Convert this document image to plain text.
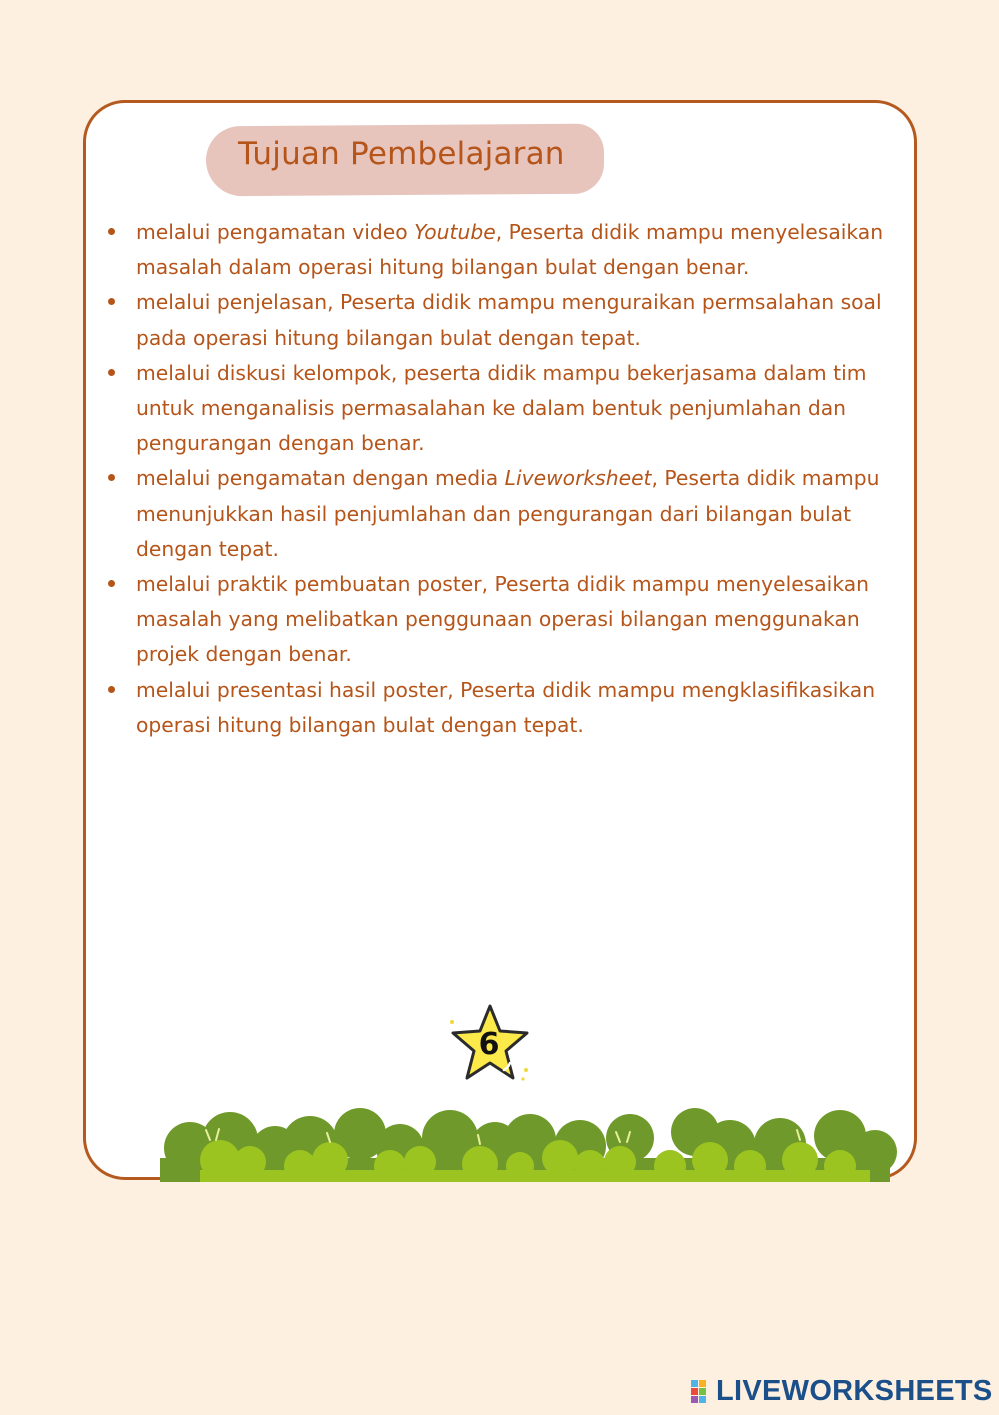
Tujuan Pembelajaran
melalui pengamatan video Youtube, Peserta didik mampu menyelesaikan masalah dalam operasi hitung bilangan bulat dengan benar.
melalui penjelasan, Peserta didik mampu menguraikan permsalahan soal pada operasi hitung bilangan bulat dengan tepat.
melalui diskusi kelompok, peserta didik mampu bekerjasama dalam tim untuk menganalisis permasalahan ke dalam bentuk penjumlahan dan pengurangan dengan benar.
melalui pengamatan dengan media Liveworksheet, Peserta didik mampu menunjukkan hasil penjumlahan dan pengurangan dari bilangan bulat dengan tepat.
melalui praktik pembuatan poster, Peserta didik mampu menyelesaikan masalah yang melibatkan penggunaan operasi bilangan menggunakan projek dengan benar.
melalui presentasi hasil poster, Peserta didik mampu mengklasifikasikan operasi hitung bilangan bulat dengan tepat.
6
LIVEWORKSHEETS
